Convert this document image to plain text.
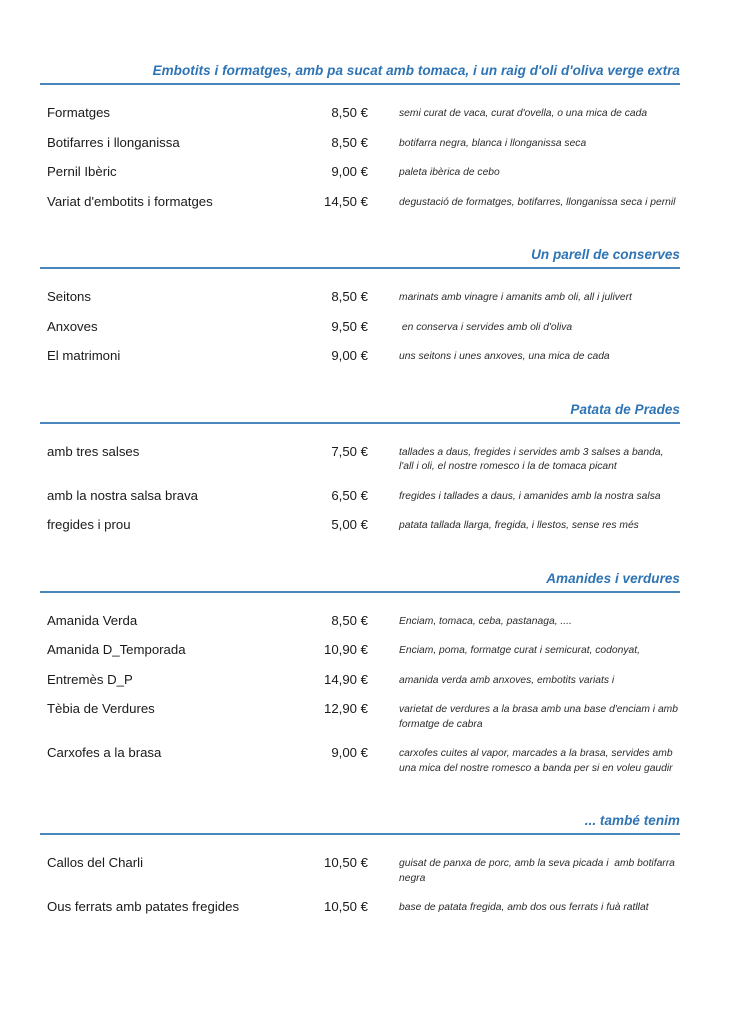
Embotits i formatges, amb pa sucat amb tomaca, i un raig d'oli d'oliva verge extra
Formatges	8,50 €	semi curat de vaca, curat d'ovella, o una mica de cada
Botifarres i llonganissa	8,50 €	botifarra negra, blanca i llonganissa seca
Pernil Ibèric	9,00 €	paleta ibèrica de cebo
Variat d'embotits i formatges	14,50 €	degustació de formatges, botifarres, llonganissa seca i pernil
Un parell de conserves
Seitons	8,50 €	marinats amb vinagre i amanits amb oli, all i julivert
Anxoves	9,50 €	en conserva i servides amb oli d'oliva
El matrimoni	9,00 €	uns seitons i unes anxoves, una mica de cada
Patata de Prades
amb tres salses	7,50 €	tallades a daus, fregides i servides amb 3 salses a banda, l'all i oli, el nostre romesco i la de tomaca picant
amb la nostra salsa brava	6,50 €	fregides i tallades a daus, i amanides amb la nostra salsa
fregides i prou	5,00 €	patata tallada llarga, fregida, i llestos, sense res més
Amanides i verdures
Amanida Verda	8,50 €	Enciam, tomaca, ceba, pastanaga, ....
Amanida D_Temporada	10,90 €	Enciam, poma, formatge curat i semicurat, codonyat,
Entremès D_P	14,90 €	amanida verda amb anxoves, embotits variats i
Tèbia de Verdures	12,90 €	varietat de verdures a la brasa amb una base d'enciam i amb formatge de cabra
Carxofes a la brasa	9,00 €	carxofes cuites al vapor, marcades a la brasa, servides amb una mica del nostre romesco a banda per si en voleu gaudir
... també tenim
Callos del Charli	10,50 €	guisat de panxa de porc, amb la seva picada i  amb botifarra negra
Ous ferrats amb patates fregides	10,50 €	base de patata fregida, amb dos ous ferrats i fuà ratllat
